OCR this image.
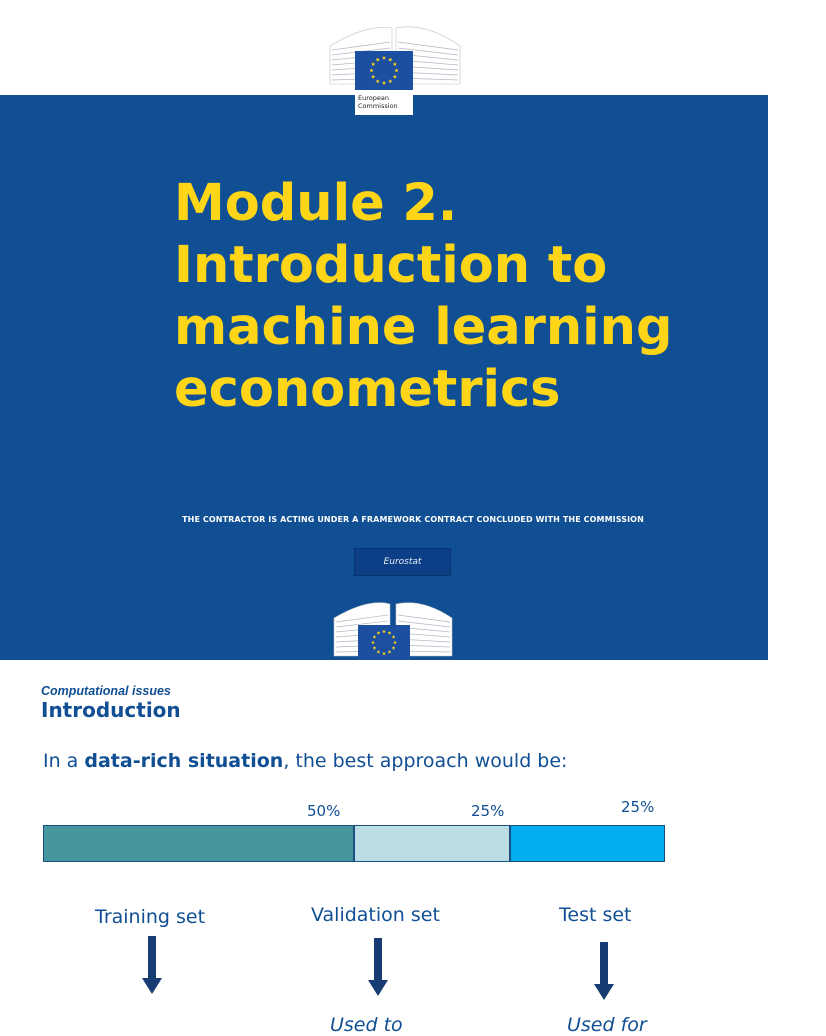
Module 2.
Introduction to
machine learning
econometrics
THE CONTRACTOR IS ACTING UNDER A FRAMEWORK CONTRACT CONCLUDED WITH THE COMMISSION
Eurostat
European
Commission
Computational issues
Introduction
In a data-rich situation, the best approach would be:
50%	25%	25%
Training set	Validation set	Test set
Used to	Used for
